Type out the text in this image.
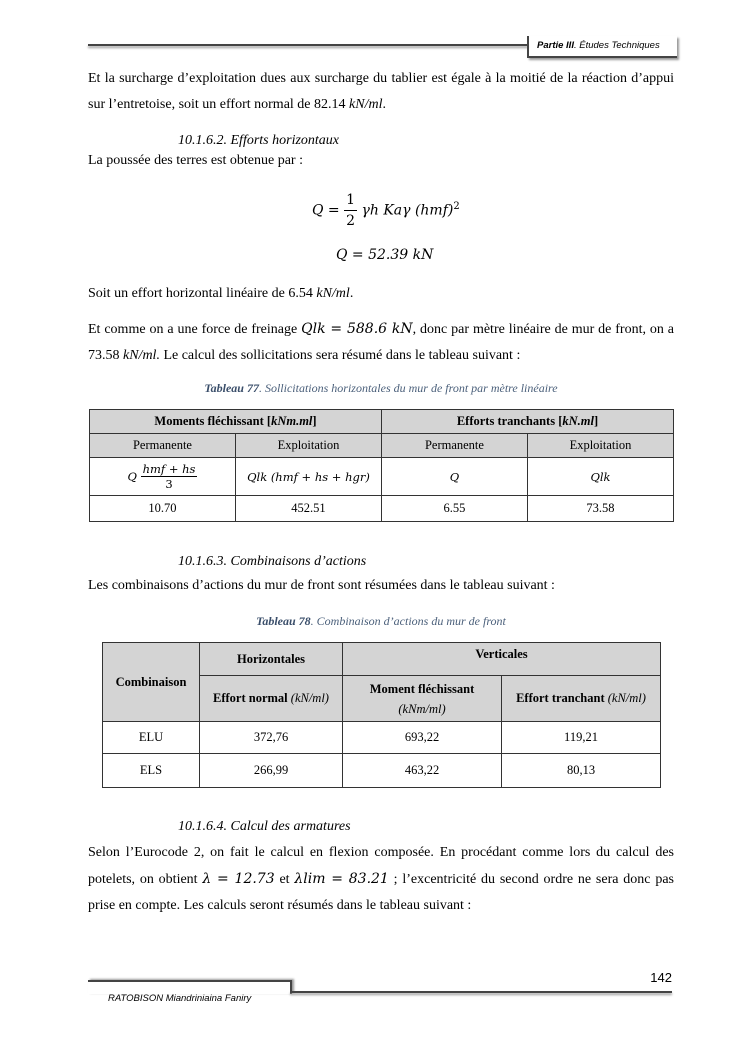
Partie III. Études Techniques
Et la surcharge d’exploitation dues aux surcharge du tablier est égale à la moitié de la réaction d’appui sur l’entretoise, soit un effort normal de 82.14 kN/ml.
10.1.6.2. Efforts horizontaux
La poussée des terres est obtenue par :
$Q = \frac{1}{2}$ γh Kaγ (hmf)$^2$
Q = 52.39 kN
Soit un effort horizontal linéaire de 6.54 kN/ml.
Et comme on a une force de freinage Qlk = 588.6 kN, donc par mètre linéaire de mur de front, on a 73.58 kN/ml. Le calcul des sollicitations sera résumé dans le tableau suivant :
Tableau 77. Sollicitations horizontales du mur de front par mètre linéaire
Moments fléchissant [kNm.ml]		Efforts tranchants [kN.ml]	
Permanente	Exploitation	Permanente	Exploitation
Q $\frac{\text{hmf + hs}}{3}$	Qlk (hmf + hs + hgr)	Q	Qlk
10.70	452.51	6.55	73.58
10.1.6.3. Combinaisons d’actions
Les combinaisons d’actions du mur de front sont résumées dans le tableau suivant :
Tableau 78. Combinaison d’actions du mur de front
Combinaison	Horizontales	Verticales	
	Effort normal (kN/ml)	Moment fléchissant
(kNm/ml)	Effort tranchant (kN/ml)
ELU	372,76	693,22	119,21
ELS	266,99	463,22	80,13
10.1.6.4. Calcul des armatures
Selon l’Eurocode 2, on fait le calcul en flexion composée. En procédant comme lors du calcul des potelets, on obtient λ = 12.73 et λlim = 83.21 ; l’excentricité du second ordre ne sera donc pas prise en compte. Les calculs seront résumés dans le tableau suivant :
142
RATOBISON Miandriniaina Faniry
